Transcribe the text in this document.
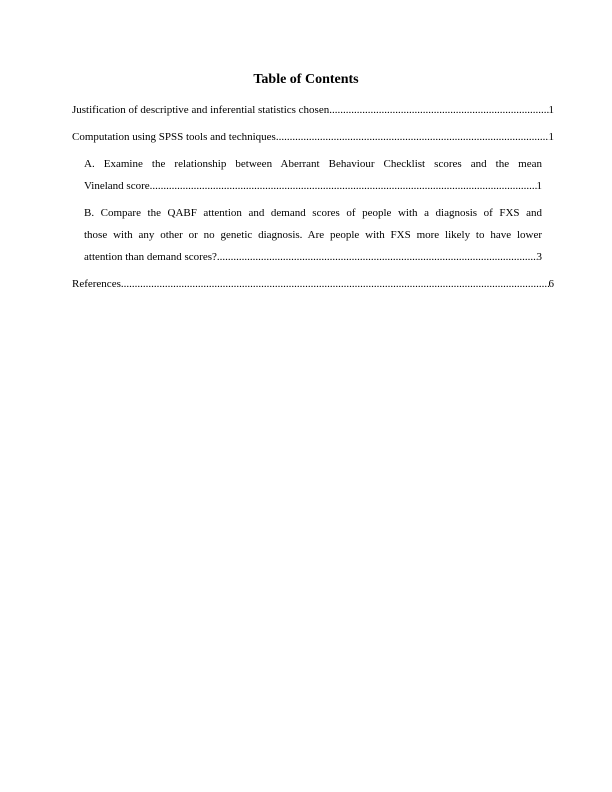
Table of Contents
Justification of descriptive and inferential statistics chosen .....	1
Computation using SPSS tools and techniques .....	1
A. Examine the relationship between Aberrant Behaviour Checklist scores and the mean
Vineland score .....	1
B. Compare the QABF attention and demand scores of people with a diagnosis of FXS and
those with any other or no genetic diagnosis. Are people with FXS more likely to have lower
attention than demand scores? .....	3
References .....	6
